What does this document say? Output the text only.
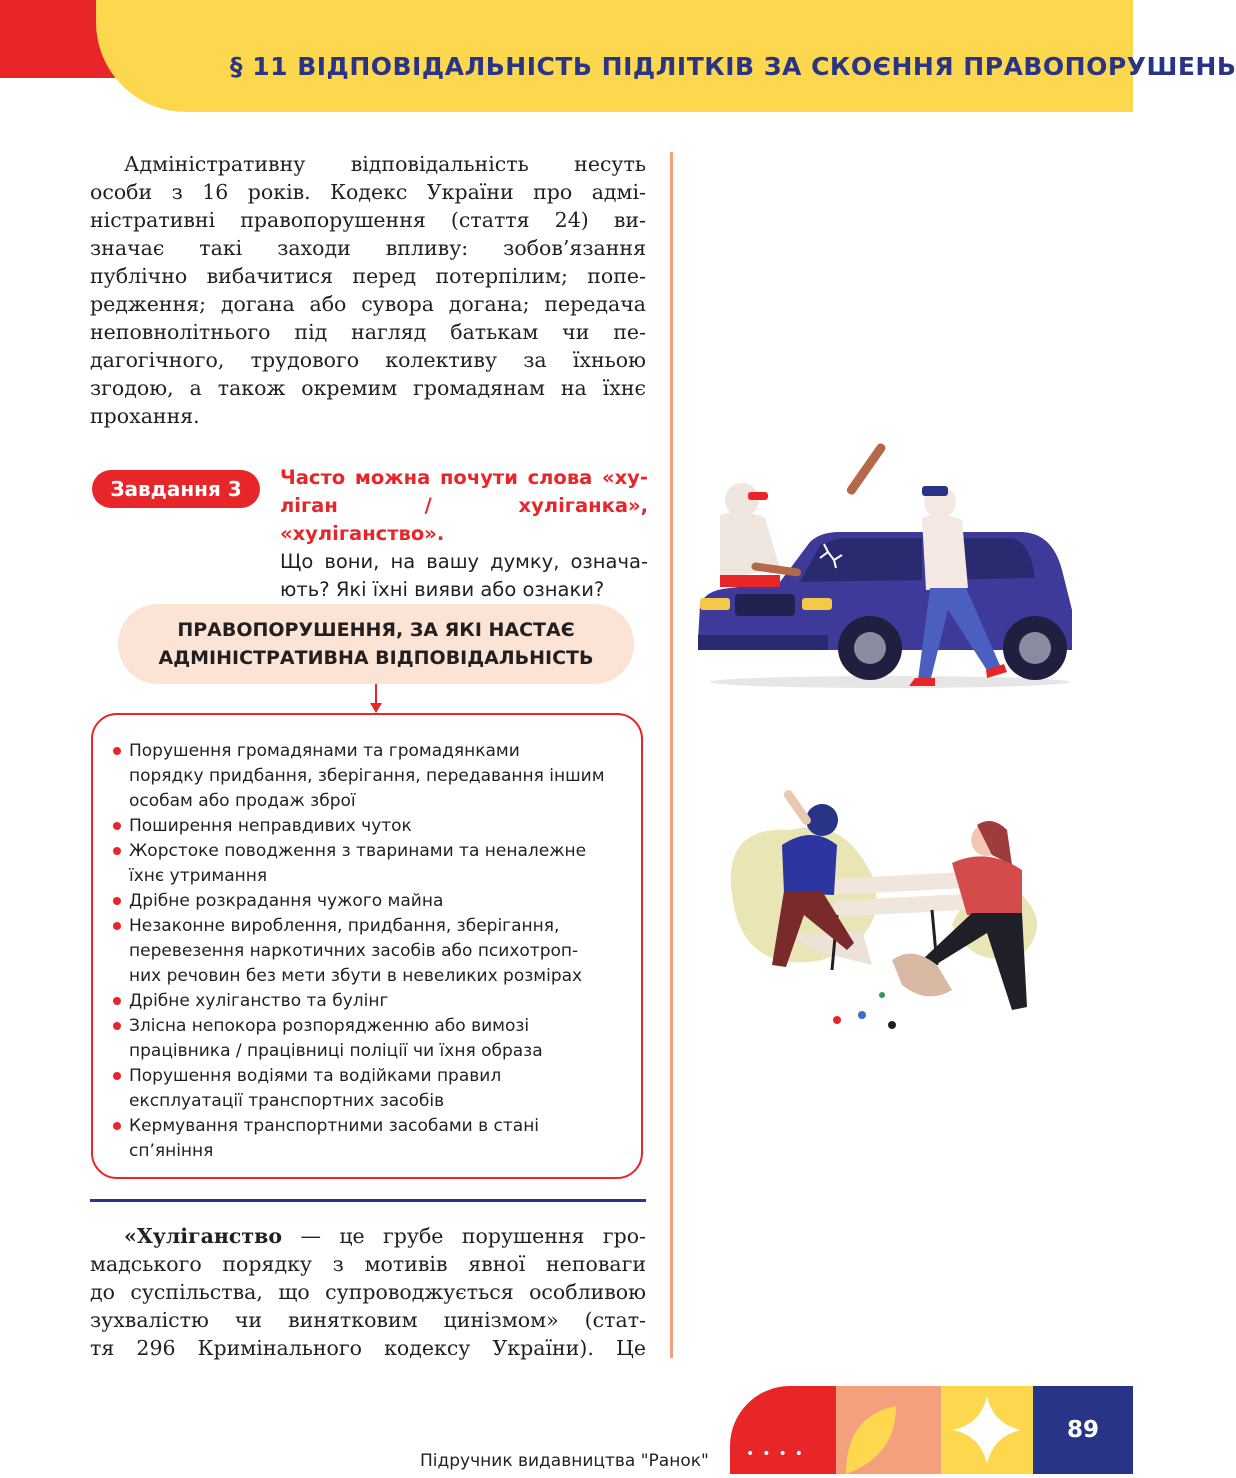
§ 11 ВІДПОВІДАЛЬНІСТЬ ПІДЛІТКІВ ЗА СКОЄННЯ ПРАВОПОРУШЕНЬ
Адміністративну відповідальність несуть
особи з 16 років. Кодекс України про адмі-
ністративні правопорушення (стаття 24) ви-
значає такі заходи впливу: зобов’язання
публічно вибачитися перед потерпілим; попе-
редження; догана або сувора догана; передача
неповнолітнього під нагляд батькам чи пе-
дагогічного, трудового колективу за їхньою
згодою, а також окремим громадянам на їхнє
прохання.
Завдання 3	Часто можна почути слова «ху-
ліган / хуліганка», «хуліганство».
Що вони, на вашу думку, означа-
ють? Які їхні вияви або ознаки?
ПРАВОПОРУШЕННЯ, ЗА ЯКІ НАСТАЄ
АДМІНІСТРАТИВНА ВІДПОВІДАЛЬНІСТЬ
Порушення громадянами та громадянками
порядку придбання, зберігання, передавання іншим
особам або продаж зброї
Поширення неправдивих чуток
Жорстоке поводження з тваринами та неналежне
їхнє утримання
Дрібне розкрадання чужого майна
Незаконне вироблення, придбання, зберігання,
перевезення наркотичних засобів або психотроп-
них речовин без мети збути в невеликих розмірах
Дрібне хуліганство та булінг
Злісна непокора розпорядженню або вимозі
працівника / працівниці поліції чи їхня образа
Порушення водіями та водійками правил
експлуатації транспортних засобів
Кермування транспортними засобами в стані
сп’яніння
«Хуліганство — це грубе порушення гро-
мадського порядку з мотивів явної неповаги
до суспільства, що супроводжується особливою
зухвалістю чи винятковим цинізмом» (стат-
тя 296 Кримінального кодексу України). Це
Підручник видавництва "Ранок"	••••
89
